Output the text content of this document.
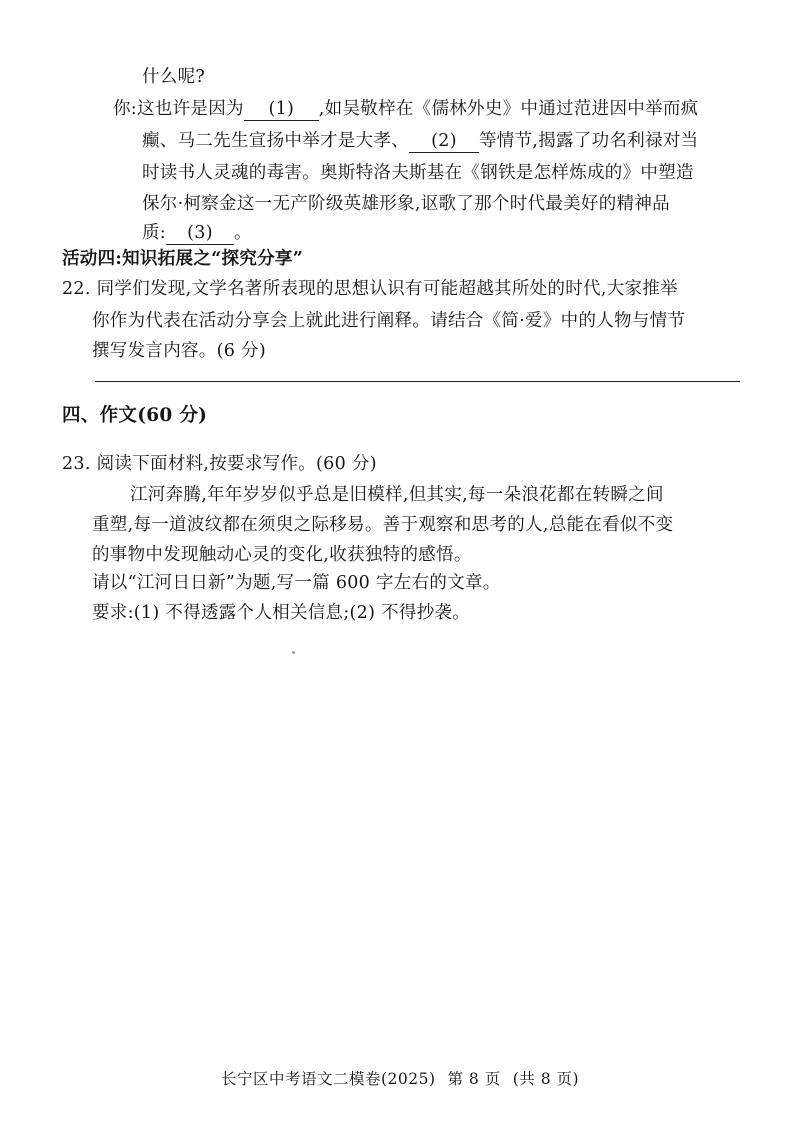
什么呢?
你:这也许是因为 (1) ,如吴敬梓在《儒林外史》中通过范进因中举而疯
癫、马二先生宣扬中举才是大孝、 (2) 等情节,揭露了功名利禄对当
时读书人灵魂的毒害。奥斯特洛夫斯基在《钢铁是怎样炼成的》中塑造
保尔·柯察金这一无产阶级英雄形象,讴歌了那个时代最美好的精神品
质: (3) 。
活动四:知识拓展之“探究分享”
22. 同学们发现,文学名著所表现的思想认识有可能超越其所处的时代,大家推举
你作为代表在活动分享会上就此进行阐释。请结合《简·爱》中的人物与情节
撰写发言内容。(6 分)
四、作文(60 分)
23. 阅读下面材料,按要求写作。(60 分)
江河奔腾,年年岁岁似乎总是旧模样,但其实,每一朵浪花都在转瞬之间
重塑,每一道波纹都在须臾之际移易。善于观察和思考的人,总能在看似不变
的事物中发现触动心灵的变化,收获独特的感悟。
请以“江河日日新”为题,写一篇 600 字左右的文章。
要求:(1) 不得透露个人相关信息;(2) 不得抄袭。
长宁区中考语文二模卷(2025) 第 8 页 (共 8 页)
